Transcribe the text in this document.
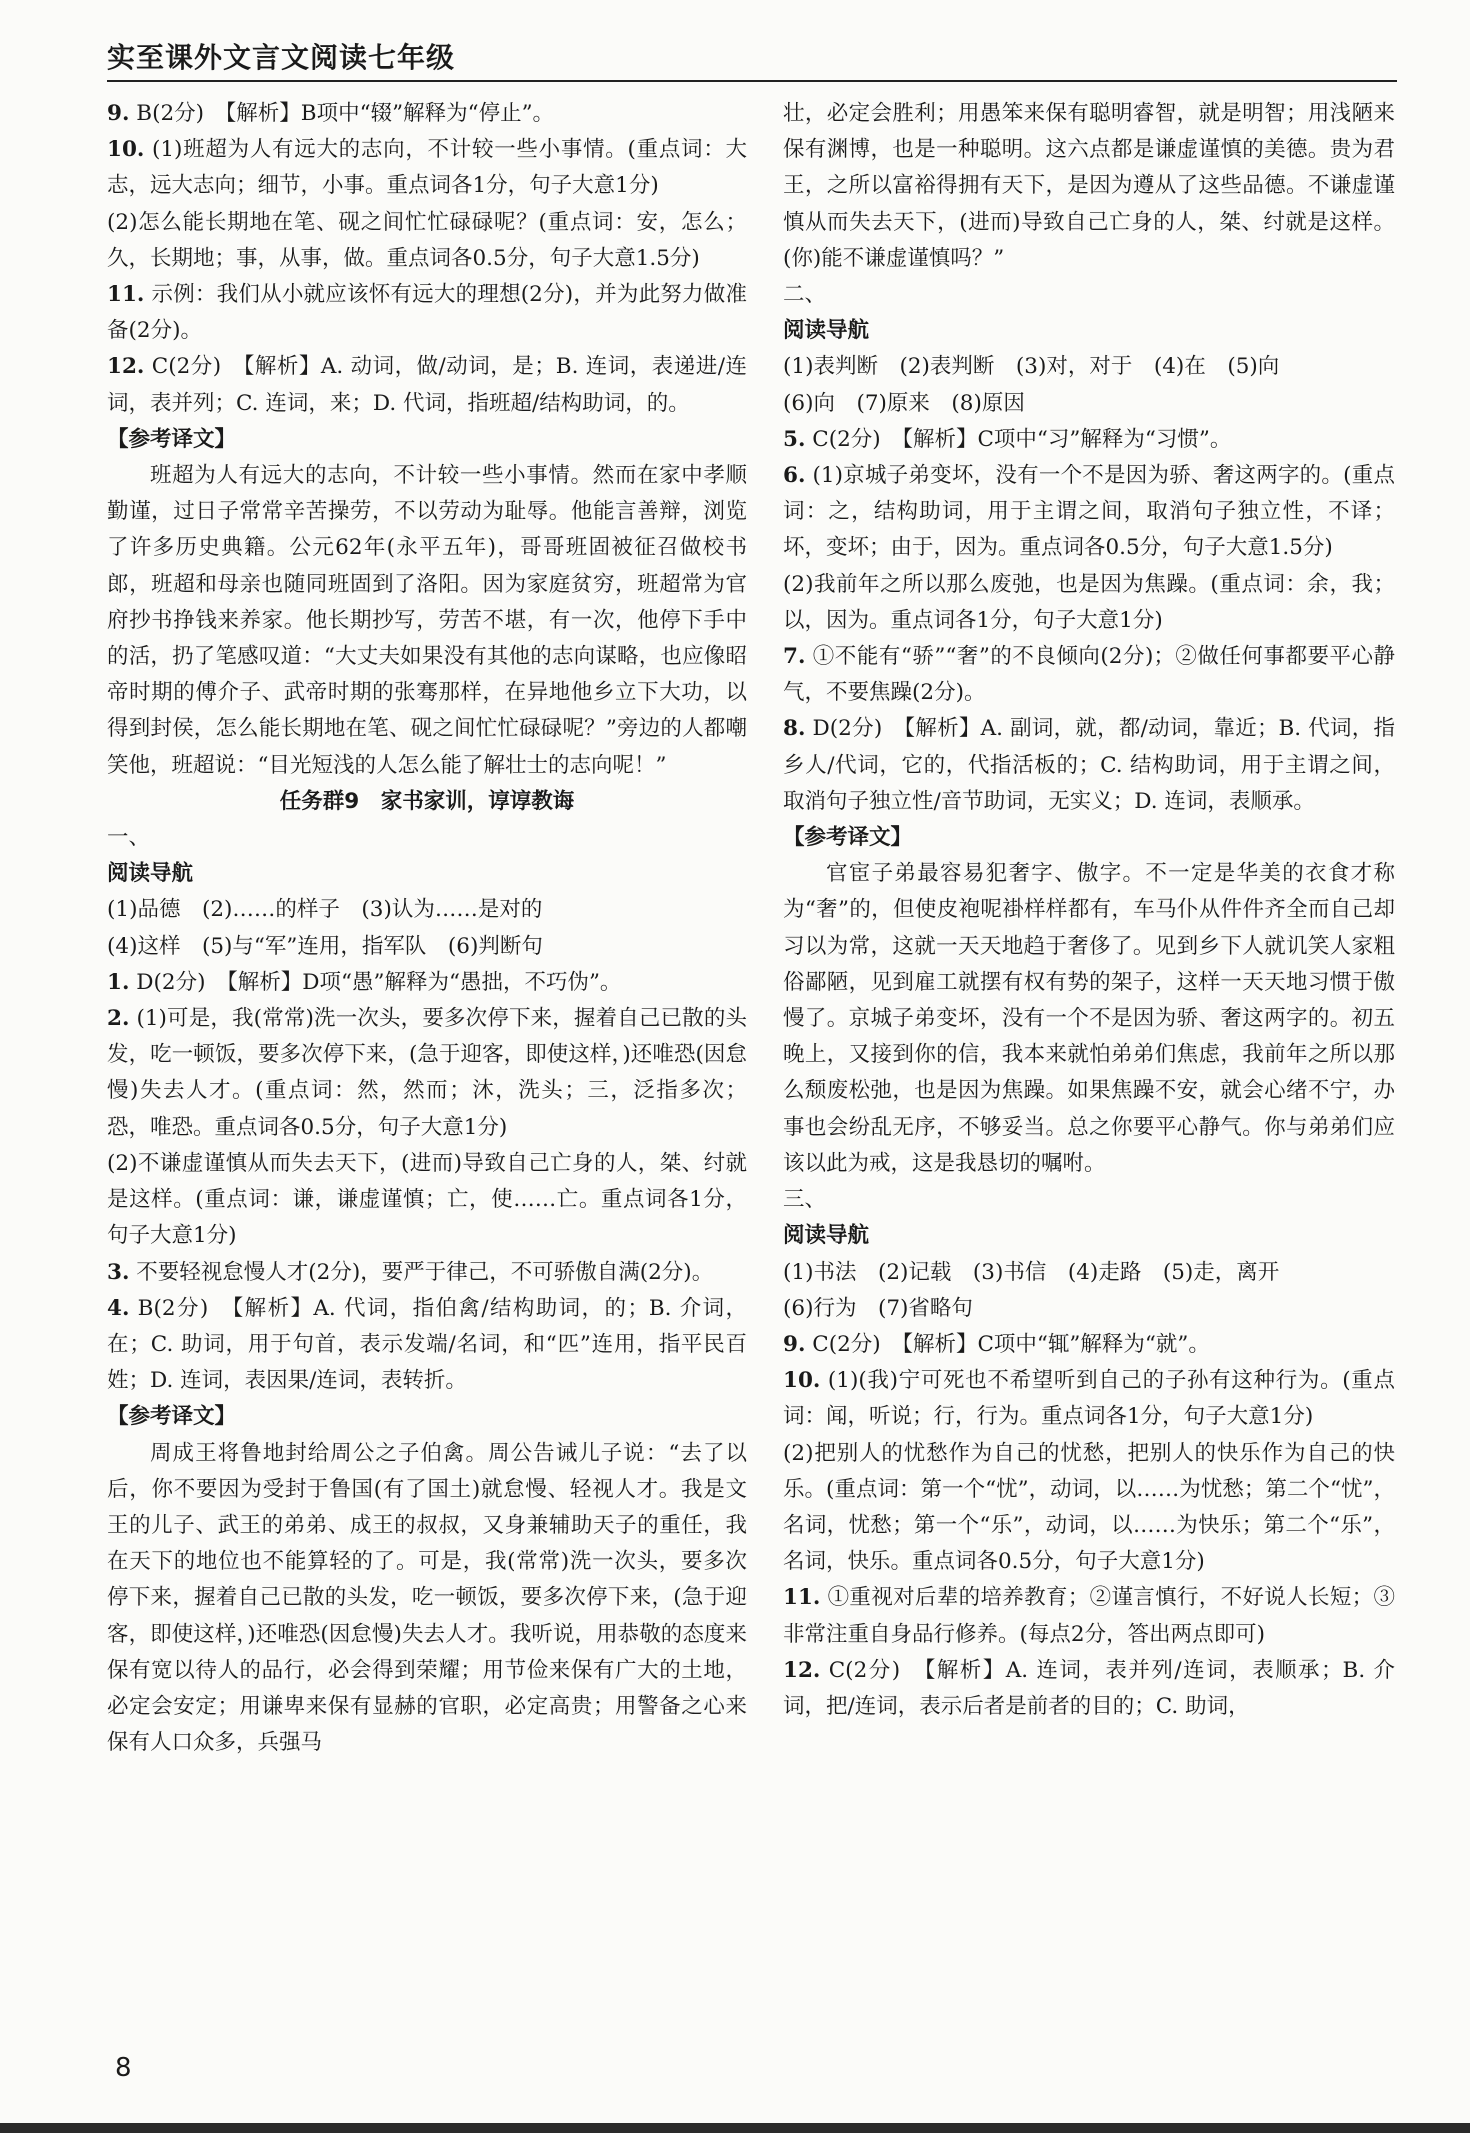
实至课外文言文阅读七年级

9. B(2分)　【解析】B项中“辍”解释为“停止”。

10. (1)班超为人有远大的志向，不计较一些小事情。(重点词：大志，远大志向；细节，小事。重点词各1分，句子大意1分)

(2)怎么能长期地在笔、砚之间忙忙碌碌呢？(重点词：安，怎么；久，长期地；事，从事，做。重点词各0.5分，句子大意1.5分)

11. 示例：我们从小就应该怀有远大的理想(2分)，并为此努力做准备(2分)。

12. C(2分)　【解析】A. 动词，做/动词，是；B. 连词，表递进/连词，表并列；C. 连词，来；D. 代词，指班超/结构助词，的。

【参考译文】

班超为人有远大的志向，不计较一些小事情。然而在家中孝顺勤谨，过日子常常辛苦操劳，不以劳动为耻辱。他能言善辩，浏览了许多历史典籍。公元62年(永平五年)，哥哥班固被征召做校书郎，班超和母亲也随同班固到了洛阳。因为家庭贫穷，班超常为官府抄书挣钱来养家。他长期抄写，劳苦不堪，有一次，他停下手中的活，扔了笔感叹道：“大丈夫如果没有其他的志向谋略，也应像昭帝时期的傅介子、武帝时期的张骞那样，在异地他乡立下大功，以得到封侯，怎么能长期地在笔、砚之间忙忙碌碌呢？”旁边的人都嘲笑他，班超说：“目光短浅的人怎么能了解壮士的志向呢！”

任务群9　家书家训，谆谆教诲

一、

阅读导航

(1)品德　(2)……的样子　(3)认为……是对的

(4)这样　(5)与“军”连用，指军队　(6)判断句

1. D(2分)　【解析】D项“愚”解释为“愚拙，不巧伪”。

2. (1)可是，我(常常)洗一次头，要多次停下来，握着自己已散的头发，吃一顿饭，要多次停下来，(急于迎客，即使这样，)还唯恐(因怠慢)失去人才。(重点词：然，然而；沐，洗头；三，泛指多次；恐，唯恐。重点词各0.5分，句子大意1分)

(2)不谦虚谨慎从而失去天下，(进而)导致自己亡身的人，桀、纣就是这样。(重点词：谦，谦虚谨慎；亡，使……亡。重点词各1分，句子大意1分)

3. 不要轻视怠慢人才(2分)，要严于律己，不可骄傲自满(2分)。

4. B(2分)　【解析】A. 代词，指伯禽/结构助词，的；B. 介词，在；C. 助词，用于句首，表示发端/名词，和“匹”连用，指平民百姓；D. 连词，表因果/连词，表转折。

【参考译文】

周成王将鲁地封给周公之子伯禽。周公告诫儿子说：“去了以后，你不要因为受封于鲁国(有了国土)就怠慢、轻视人才。我是文王的儿子、武王的弟弟、成王的叔叔，又身兼辅助天子的重任，我在天下的地位也不能算轻的了。可是，我(常常)洗一次头，要多次停下来，握着自己已散的头发，吃一顿饭，要多次停下来，(急于迎客，即使这样，)还唯恐(因怠慢)失去人才。我听说，用恭敬的态度来保有宽以待人的品行，必会得到荣耀；用节俭来保有广大的土地，必定会安定；用谦卑来保有显赫的官职，必定高贵；用警备之心来保有人口众多，兵强马

壮，必定会胜利；用愚笨来保有聪明睿智，就是明智；用浅陋来保有渊博，也是一种聪明。这六点都是谦虚谨慎的美德。贵为君王，之所以富裕得拥有天下，是因为遵从了这些品德。不谦虚谨慎从而失去天下，(进而)导致自己亡身的人，桀、纣就是这样。(你)能不谦虚谨慎吗？”

二、

阅读导航

(1)表判断　(2)表判断　(3)对，对于　(4)在　(5)向

(6)向　(7)原来　(8)原因

5. C(2分)　【解析】C项中“习”解释为“习惯”。

6. (1)京城子弟变坏，没有一个不是因为骄、奢这两字的。(重点词：之，结构助词，用于主谓之间，取消句子独立性，不译；坏，变坏；由于，因为。重点词各0.5分，句子大意1.5分)

(2)我前年之所以那么废弛，也是因为焦躁。(重点词：余，我；以，因为。重点词各1分，句子大意1分)

7. ①不能有“骄”“奢”的不良倾向(2分)；②做任何事都要平心静气，不要焦躁(2分)。

8. D(2分)　【解析】A. 副词，就，都/动词，靠近；B. 代词，指乡人/代词，它的，代指活板的；C. 结构助词，用于主谓之间，取消句子独立性/音节助词，无实义；D. 连词，表顺承。

【参考译文】

官宦子弟最容易犯奢字、傲字。不一定是华美的衣食才称为“奢”的，但使皮袍呢褂样样都有，车马仆从件件齐全而自己却习以为常，这就一天天地趋于奢侈了。见到乡下人就讥笑人家粗俗鄙陋，见到雇工就摆有权有势的架子，这样一天天地习惯于傲慢了。京城子弟变坏，没有一个不是因为骄、奢这两字的。初五晚上，又接到你的信，我本来就怕弟弟们焦虑，我前年之所以那么颓废松弛，也是因为焦躁。如果焦躁不安，就会心绪不宁，办事也会纷乱无序，不够妥当。总之你要平心静气。你与弟弟们应该以此为戒，这是我恳切的嘱咐。

三、

阅读导航

(1)书法　(2)记载　(3)书信　(4)走路　(5)走，离开

(6)行为　(7)省略句

9. C(2分)　【解析】C项中“辄”解释为“就”。

10. (1)(我)宁可死也不希望听到自己的子孙有这种行为。(重点词：闻，听说；行，行为。重点词各1分，句子大意1分)

(2)把别人的忧愁作为自己的忧愁，把别人的快乐作为自己的快乐。(重点词：第一个“忧”，动词，以……为忧愁；第二个“忧”，名词，忧愁；第一个“乐”，动词，以……为快乐；第二个“乐”，名词，快乐。重点词各0.5分，句子大意1分)

11. ①重视对后辈的培养教育；②谨言慎行，不好说人长短；③非常注重自身品行修养。(每点2分，答出两点即可)

12. C(2分)　【解析】A. 连词，表并列/连词，表顺承；B. 介词，把/连词，表示后者是前者的目的；C. 助词，

8
